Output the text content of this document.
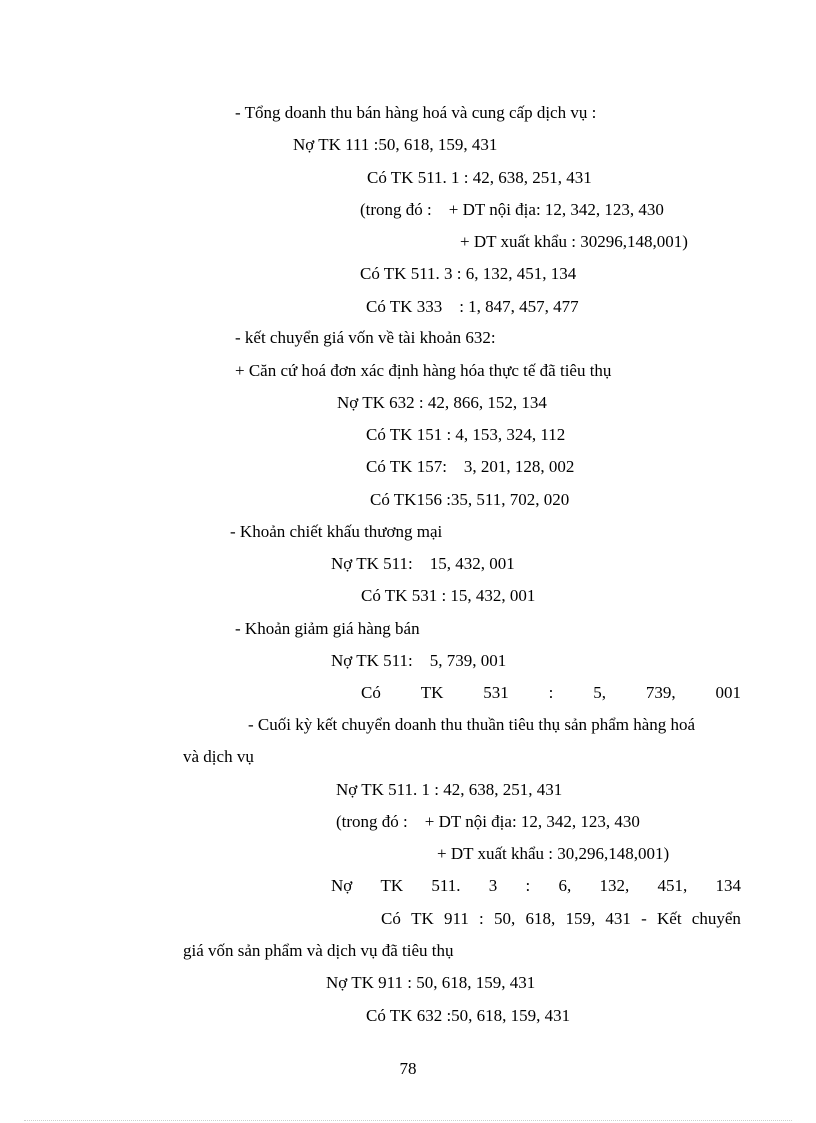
- Tổng doanh thu bán hàng hoá và cung cấp dịch vụ :
Nợ TK 111 :50, 618, 159, 431
Có TK 511. 1 : 42, 638, 251, 431
(trong đó :    + DT nội địa: 12, 342, 123, 430
+ DT xuất khẩu : 30296,148,001)
Có TK 511. 3 : 6, 132, 451, 134
Có TK 333    : 1, 847, 457, 477
- kết chuyển giá vốn về tài khoản 632:
+ Căn cứ hoá đơn xác định hàng hóa thực tế đã tiêu thụ
Nợ TK 632 : 42, 866, 152, 134
Có TK 151 : 4, 153, 324, 112
Có TK 157:    3, 201, 128, 002
Có TK156 :35, 511, 702, 020
- Khoản chiết khấu thương mại
Nợ TK 511:    15, 432, 001
Có TK 531 : 15, 432, 001
- Khoản giảm giá hàng bán
Nợ TK 511:    5, 739, 001
Có TK 531 : 5, 739, 001
- Cuối kỳ kết chuyển doanh thu thuần tiêu thụ sản phẩm hàng hoá
và dịch vụ
Nợ TK 511. 1 : 42, 638, 251, 431
(trong đó :    + DT nội địa: 12, 342, 123, 430
+ DT xuất khẩu : 30,296,148,001)
Nợ TK 511. 3 : 6, 132, 451, 134
Có TK 911 : 50, 618, 159, 431 - Kết chuyển
giá vốn sản phẩm và dịch vụ đã tiêu thụ
Nợ TK 911 : 50, 618, 159, 431
Có TK 632 :50, 618, 159, 431
78
